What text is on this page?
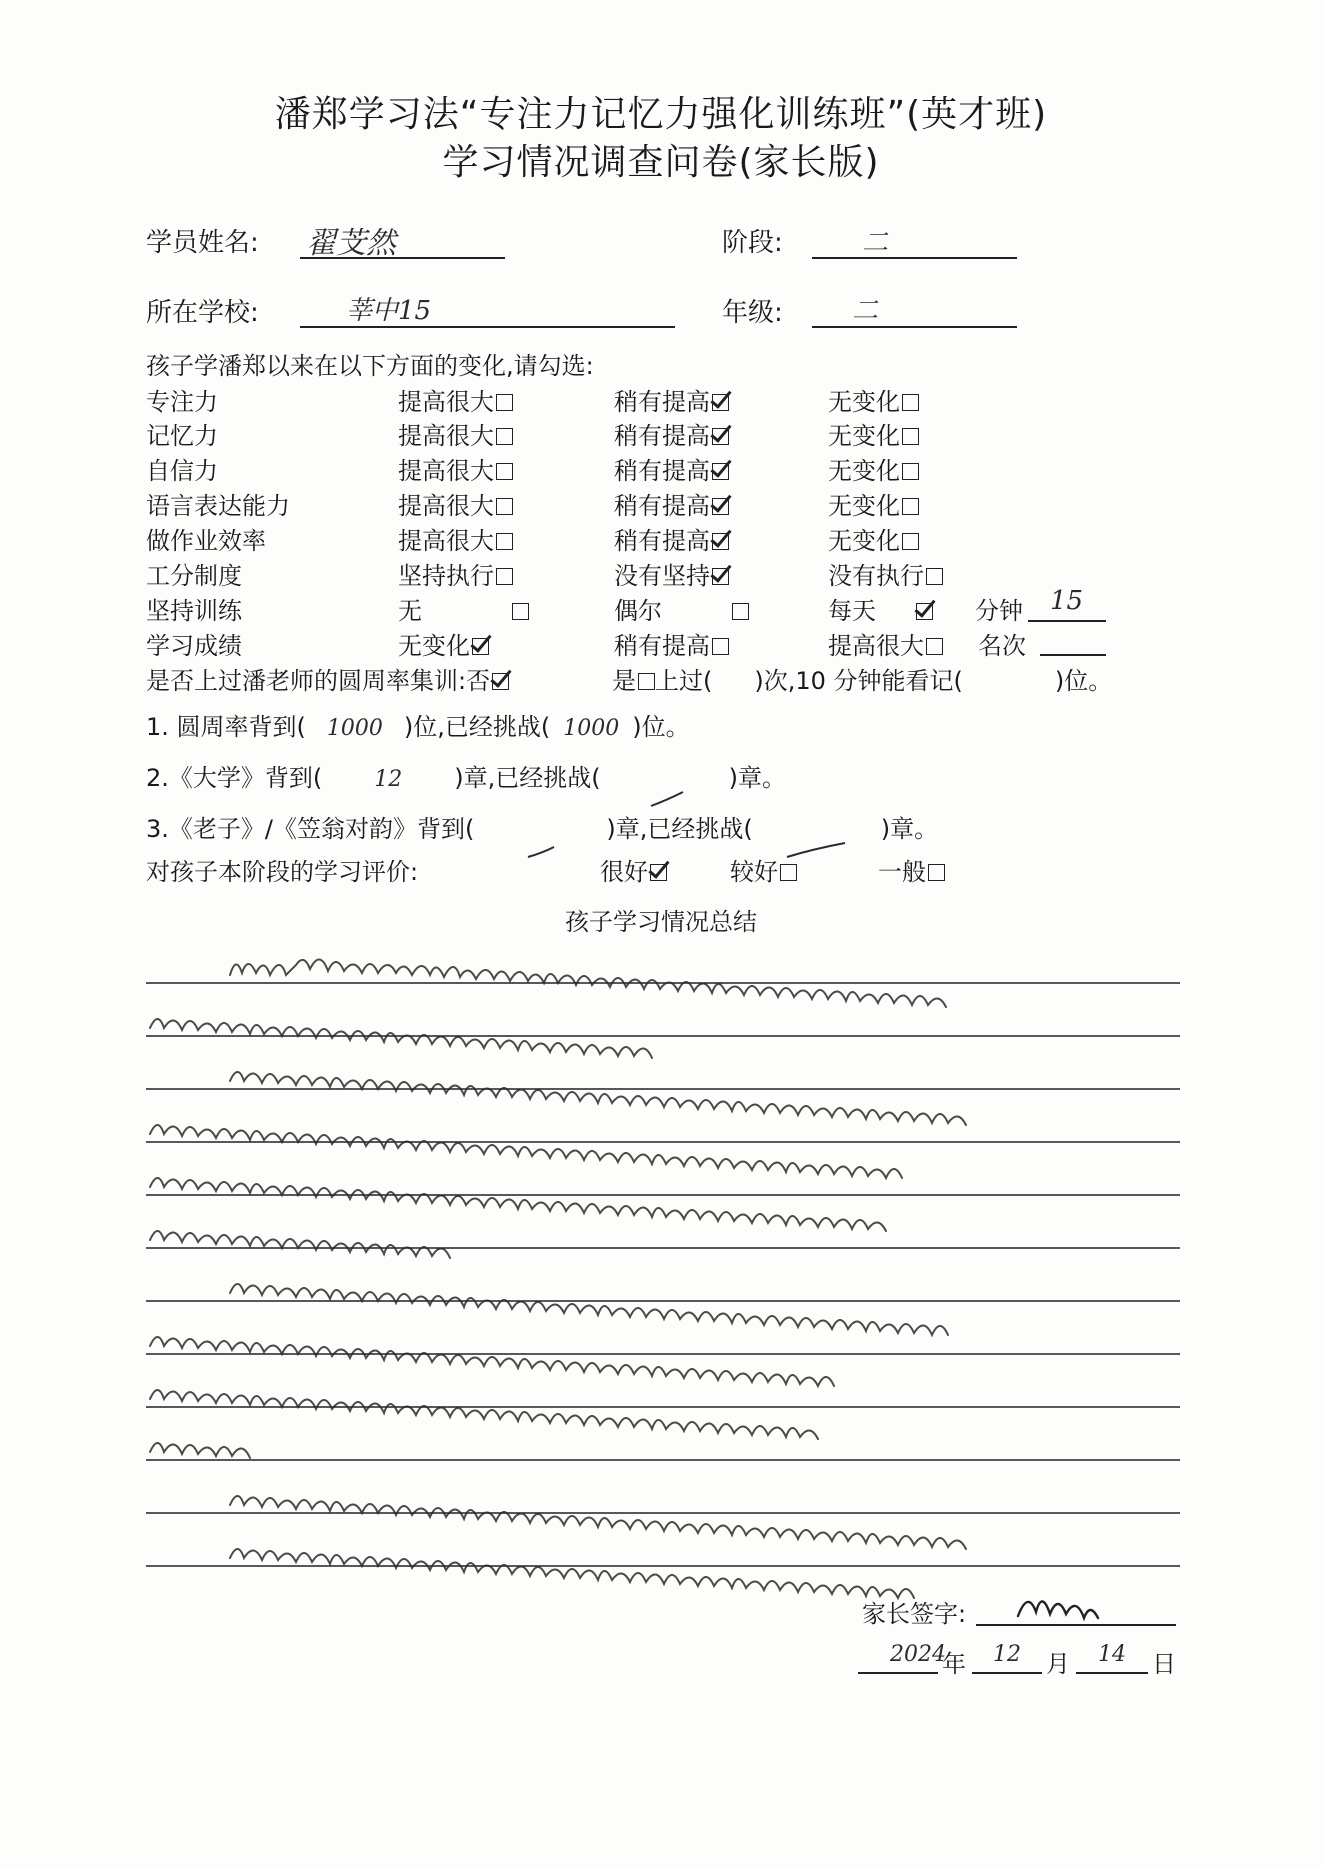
潘郑学习法“专注力记忆力强化训练班”(英才班)
学习情况调查问卷(家长版)
学员姓名: 翟芠然	阶段:	二
所在学校:	莘中15	年级:	二
孩子学潘郑以来在以下方面的变化,请勾选:
专注力	提高很大	稍有提高	无变化
记忆力	提高很大	稍有提高	无变化
自信力	提高很大	稍有提高	无变化
语言表达能力	提高很大	稍有提高	无变化
做作业效率	提高很大	稍有提高	无变化
工分制度	坚持执行	没有坚持	没有执行
坚持训练	无	偶尔	每天	分钟 15
学习成绩	无变化	稍有提高	提高很大	名次
是否上过潘老师的圆周率集训:否	是 上过( )次,10 分钟能看记(	)位。
1. 圆周率背到( 1000 )位,已经挑战( 1000 )位。
2.《大学》背到( 12 )章,已经挑战(	)章。
3.《老子》/《笠翁对韵》背到(	)章,已经挑战(	)章。
对孩子本阶段的学习评价:	很好	较好	一般
孩子学习情况总结
家长签字:
2024
年	12	月	14	日
